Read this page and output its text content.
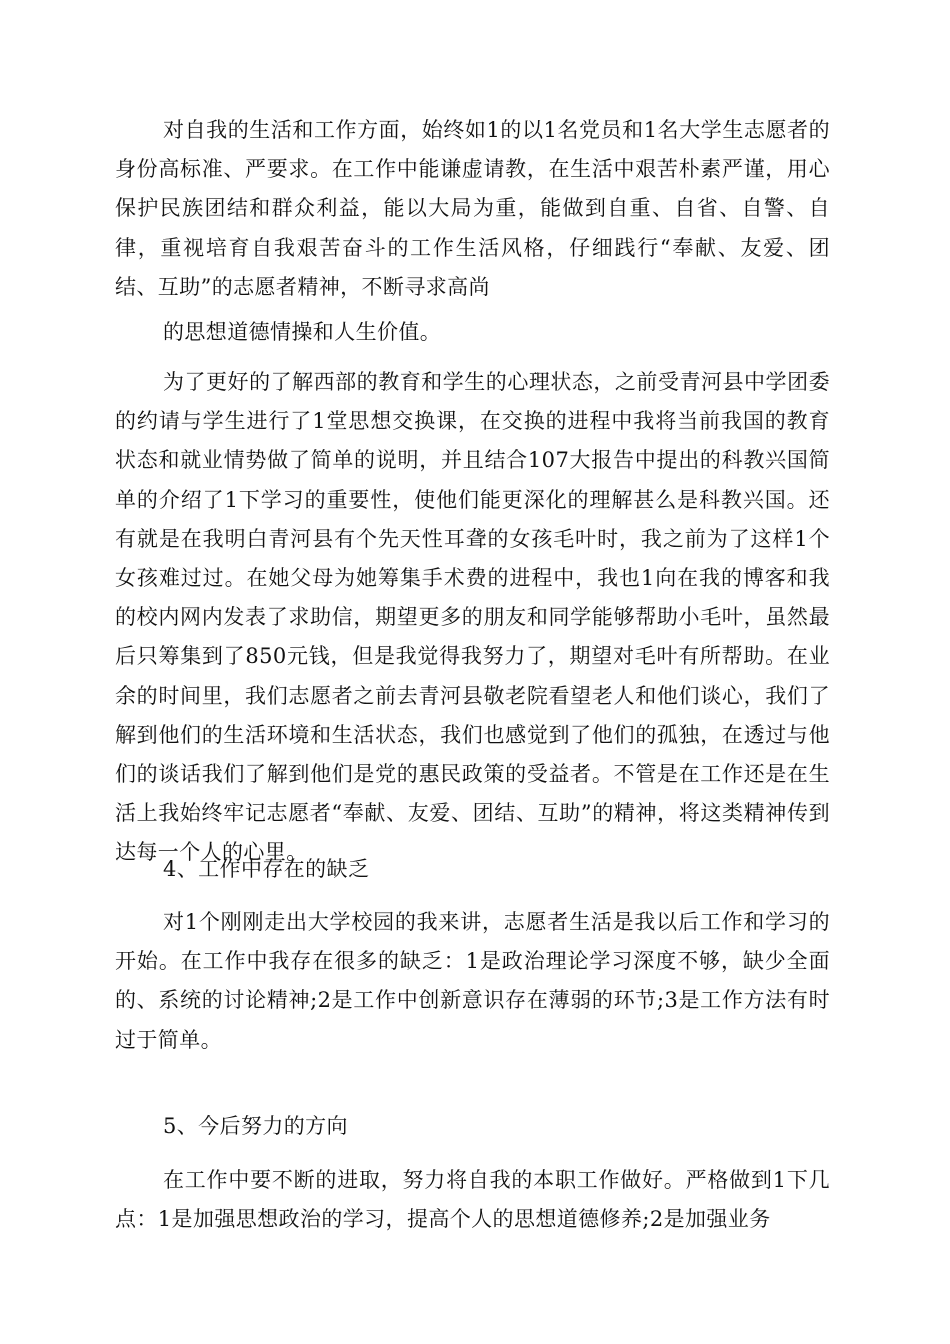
对自我的生活和工作方面，始终如1的以1名党员和1名大学生志愿者的身份高标准、严要求。在工作中能谦虚请教，在生活中艰苦朴素严谨，用心保护民族团结和群众利益，能以大局为重，能做到自重、自省、自警、自律，重视培育自我艰苦奋斗的工作生活风格，仔细践行“奉献、友爱、团结、互助”的志愿者精神，不断寻求高尚

的思想道德情操和人生价值。

为了更好的了解西部的教育和学生的心理状态，之前受青河县中学团委的约请与学生进行了1堂思想交换课，在交换的进程中我将当前我国的教育状态和就业情势做了简单的说明，并且结合107大报告中提出的科教兴国简单的介绍了1下学习的重要性，使他们能更深化的理解甚么是科教兴国。还有就是在我明白青河县有个先天性耳聋的女孩毛叶时，我之前为了这样1个女孩难过过。在她父母为她筹集手术费的进程中，我也1向在我的博客和我的校内网内发表了求助信，期望更多的朋友和同学能够帮助小毛叶，虽然最后只筹集到了850元钱，但是我觉得我努力了，期望对毛叶有所帮助。在业余的时间里，我们志愿者之前去青河县敬老院看望老人和他们谈心，我们了解到他们的生活环境和生活状态，我们也感觉到了他们的孤独，在透过与他们的谈话我们了解到他们是党的惠民政策的受益者。不管是在工作还是在生活上我始终牢记志愿者“奉献、友爱、团结、互助”的精神，将这类精神传到达每一个人的心里。

4、工作中存在的缺乏

对1个刚刚走出大学校园的我来讲，志愿者生活是我以后工作和学习的开始。在工作中我存在很多的缺乏：1是政治理论学习深度不够，缺少全面的、系统的讨论精神;2是工作中创新意识存在薄弱的环节;3是工作方法有时过于简单。

5、今后努力的方向

在工作中要不断的进取，努力将自我的本职工作做好。严格做到1下几点：1是加强思想政治的学习，提高个人的思想道德修养;2是加强业务
